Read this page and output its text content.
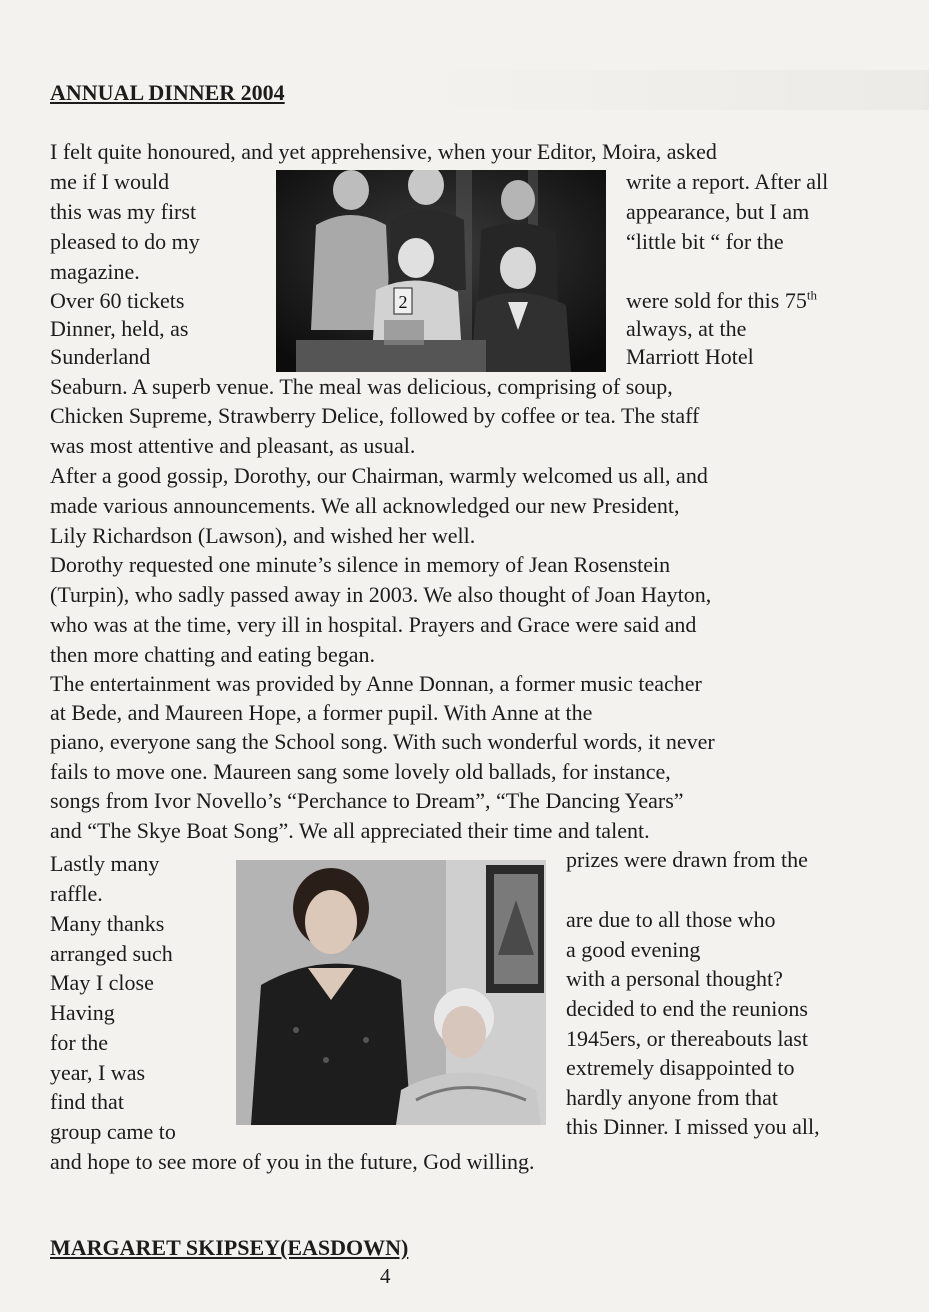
ANNUAL DINNER 2004
I felt quite honoured, and yet apprehensive, when your Editor, Moira, asked
me if I would
this was my first
pleased to do my
magazine.
Over 60 tickets
Dinner, held, as
Sunderland
write a report. After all
appearance, but I am
“little bit “ for the
were sold for this 75th
always, at the
Marriott Hotel
2
Seaburn. A superb venue. The meal was delicious, comprising of soup,
Chicken Supreme, Strawberry Delice, followed by coffee or tea. The staff
was most attentive and pleasant, as usual.
After a good gossip, Dorothy, our Chairman, warmly welcomed us all, and
made various announcements. We all acknowledged our new President,
Lily Richardson (Lawson), and wished her well.
Dorothy requested one minute’s silence in memory of Jean Rosenstein
(Turpin), who sadly passed away in 2003. We also thought of Joan Hayton,
who was at the time, very ill in hospital. Prayers and Grace were said and
then more chatting and eating began.
The entertainment was provided by Anne Donnan, a former music teacher
at Bede, and Maureen Hope, a former pupil. With Anne at the
piano, everyone sang the School song. With such wonderful words, it never
fails to move one. Maureen sang some lovely old ballads, for instance,
songs from Ivor Novello’s “Perchance to Dream”, “The Dancing Years”
and “The Skye Boat Song”. We all appreciated their time and talent.
Lastly many
raffle.
Many thanks
arranged such
May I close
Having
for the
year, I was
find that
group came to
prizes were drawn from the
are due to all those who
a good evening
with a personal thought?
decided to end the reunions
1945ers, or thereabouts last
extremely disappointed to
hardly anyone from that
this Dinner. I missed you all,
and hope to see more of you in the future, God willing.
MARGARET SKIPSEY(EASDOWN)
4
